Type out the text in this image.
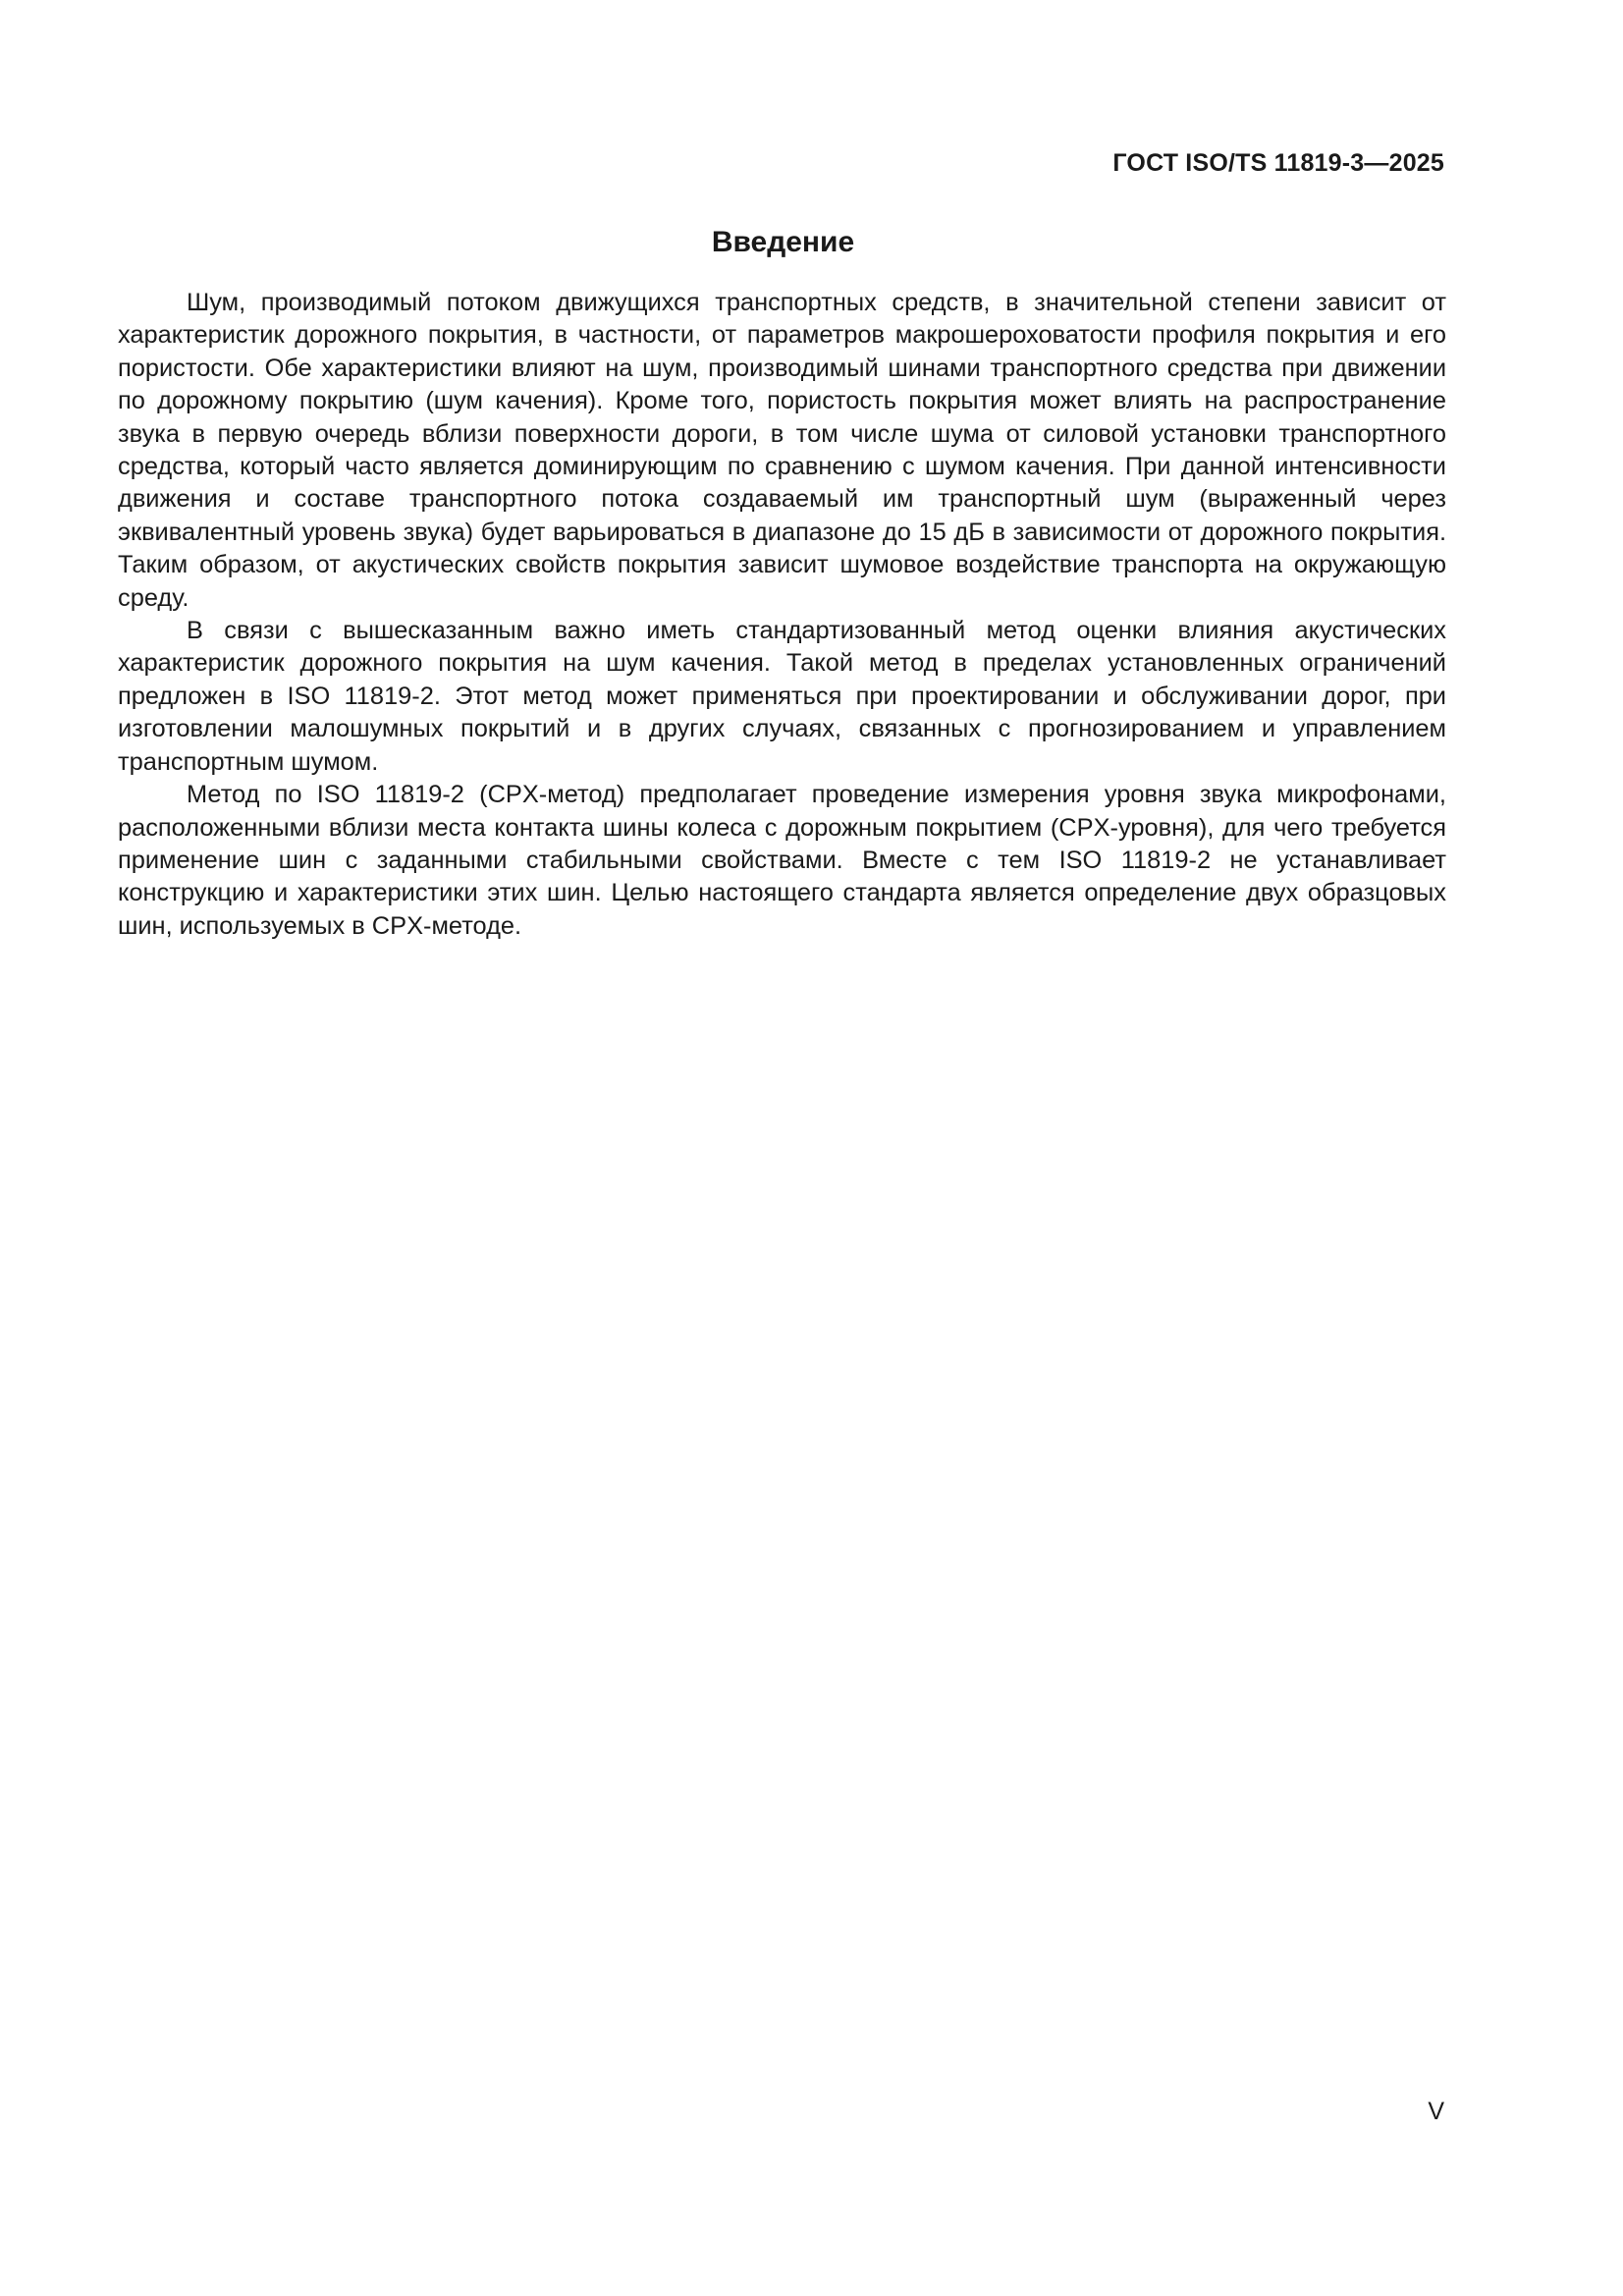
ГОСТ ISO/TS 11819-3—2025
Введение

Шум, производимый потоком движущихся транспортных средств, в значительной степени зависит от характеристик дорожного покрытия, в частности, от параметров макрошероховатости профиля покрытия и его пористости. Обе характеристики влияют на шум, производимый шинами транспортного средства при движении по дорожному покрытию (шум качения). Кроме того, пористость покрытия может влиять на распространение звука в первую очередь вблизи поверхности дороги, в том числе шума от силовой установки транспортного средства, который часто является доминирующим по сравнению с шумом качения. При данной интенсивности движения и составе транспортного потока создаваемый им транспортный шум (выраженный через эквивалентный уровень звука) будет варьироваться в диапазоне до 15 дБ в зависимости от дорожного покрытия. Таким образом, от акустических свойств покрытия зависит шумовое воздействие транспорта на окружающую среду.

В связи с вышесказанным важно иметь стандартизованный метод оценки влияния акустических характеристик дорожного покрытия на шум качения. Такой метод в пределах установленных ограничений предложен в ISO 11819-2. Этот метод может применяться при проектировании и обслуживании дорог, при изготовлении малошумных покрытий и в других случаях, связанных с прогнозированием и управлением транспортным шумом.

Метод по ISO 11819-2 (CPX-метод) предполагает проведение измерения уровня звука микрофонами, расположенными вблизи места контакта шины колеса с дорожным покрытием (CPX-уровня), для чего требуется применение шин с заданными стабильными свойствами. Вместе с тем ISO 11819-2 не устанавливает конструкцию и характеристики этих шин. Целью настоящего стандарта является определение двух образцовых шин, используемых в CPX-методе.

V
